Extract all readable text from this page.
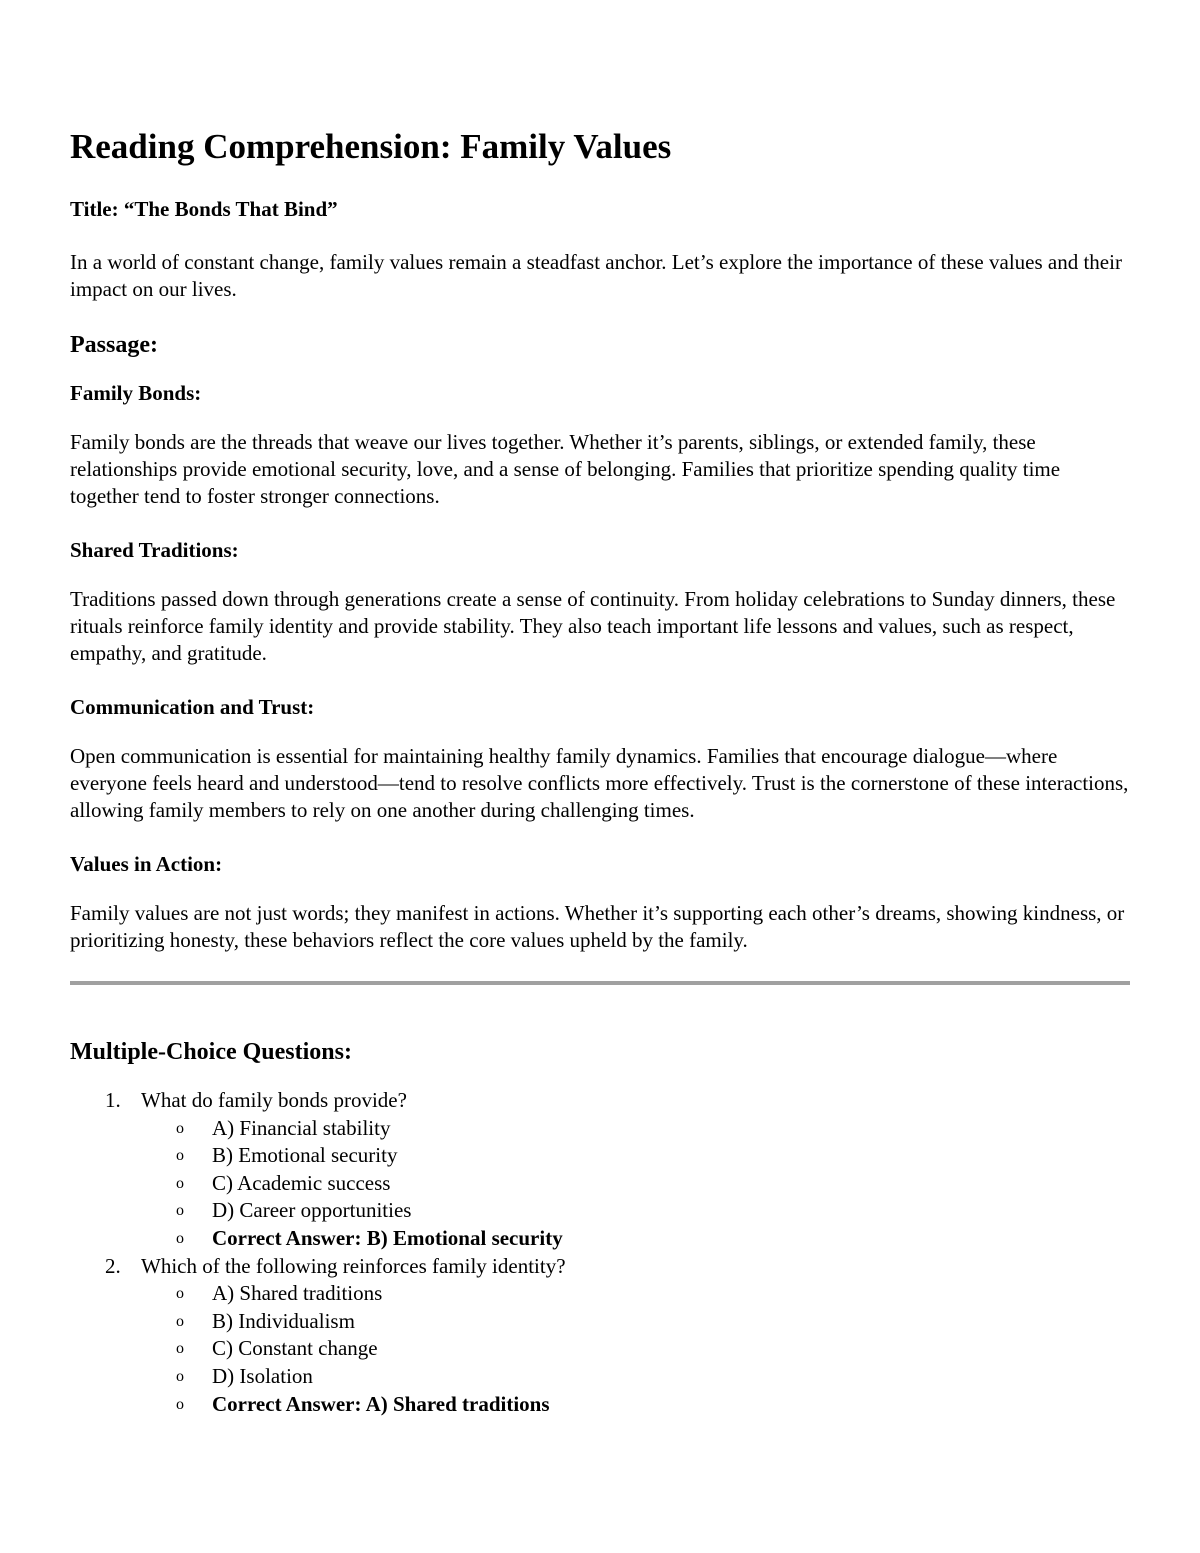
Reading Comprehension: Family Values
Title: “The Bonds That Bind”

In a world of constant change, family values remain a steadfast anchor. Let’s explore the importance of these values and their impact on our lives.

Passage:
Family Bonds:

Family bonds are the threads that weave our lives together. Whether it’s parents, siblings, or extended family, these relationships provide emotional security, love, and a sense of belonging. Families that prioritize spending quality time together tend to foster stronger connections.

Shared Traditions:

Traditions passed down through generations create a sense of continuity. From holiday celebrations to Sunday dinners, these rituals reinforce family identity and provide stability. They also teach important life lessons and values, such as respect, empathy, and gratitude.

Communication and Trust:

Open communication is essential for maintaining healthy family dynamics. Families that encourage dialogue—where everyone feels heard and understood—tend to resolve conflicts more effectively. Trust is the cornerstone of these interactions, allowing family members to rely on one another during challenging times.

Values in Action:

Family values are not just words; they manifest in actions. Whether it’s supporting each other’s dreams, showing kindness, or prioritizing honesty, these behaviors reflect the core values upheld by the family.

Multiple-Choice Questions:
1. What do family bonds provide?
o	A) Financial stability
o	B) Emotional security
o	C) Academic success
o	D) Career opportunities
o	Correct Answer: B) Emotional security
2. Which of the following reinforces family identity?
o	A) Shared traditions
o	B) Individualism
o	C) Constant change
o	D) Isolation
o	Correct Answer: A) Shared traditions
